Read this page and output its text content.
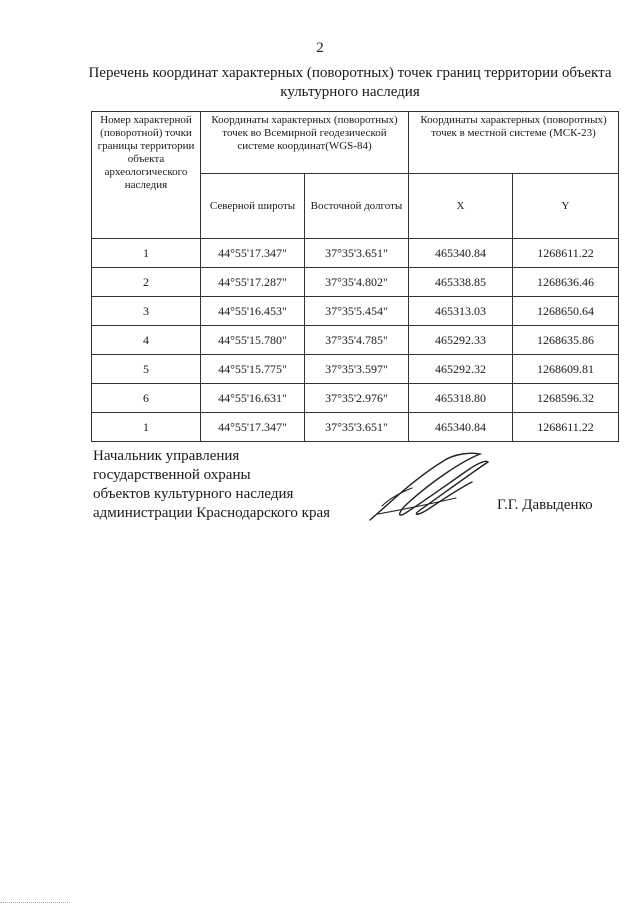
2
Перечень координат характерных (поворотных) точек границ территории объекта культурного наследия
Номер характерной (поворотной) точки границы территории объекта археологического наследия	Координаты характерных (поворотных) точек во Всемирной геодезической системе координат(WGS-84)		Координаты характерных (поворотных) точек в местной системе (МСК-23)	
	Северной широты	Восточной долготы	X	Y
1	44°55'17.347"	37°35'3.651"	465340.84	1268611.22
2	44°55'17.287"	37°35'4.802"	465338.85	1268636.46
3	44°55'16.453"	37°35'5.454"	465313.03	1268650.64
4	44°55'15.780"	37°35'4.785"	465292.33	1268635.86
5	44°55'15.775"	37°35'3.597"	465292.32	1268609.81
6	44°55'16.631"	37°35'2.976"	465318.80	1268596.32
1	44°55'17.347"	37°35'3.651"	465340.84	1268611.22
Начальник управления
государственной охраны
объектов культурного наследия
администрации Краснодарского края	Г.Г. Давыденко
